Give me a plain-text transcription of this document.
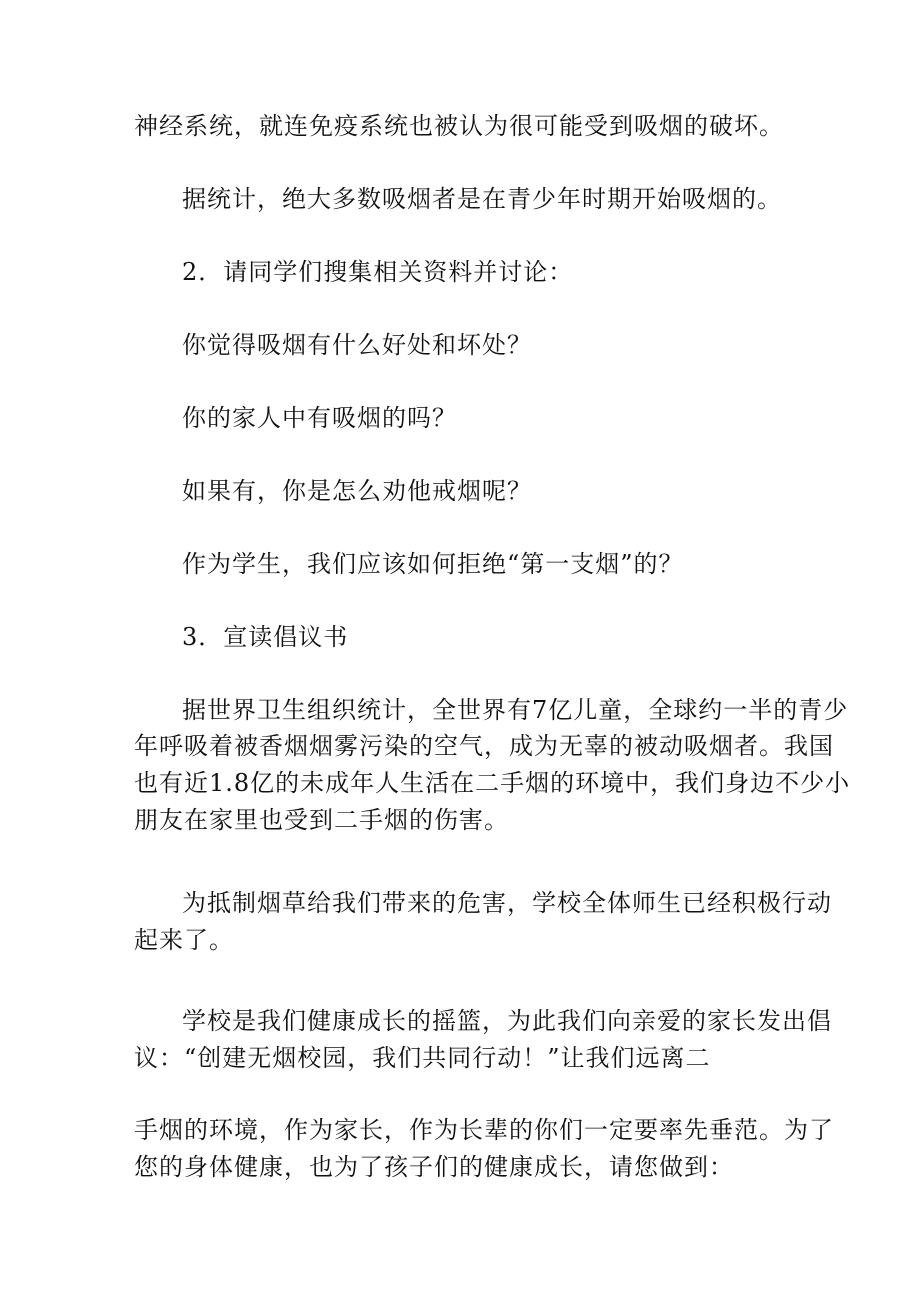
神经系统，就连免疫系统也被认为很可能受到吸烟的破坏。
据统计，绝大多数吸烟者是在青少年时期开始吸烟的。
2．请同学们搜集相关资料并讨论：
你觉得吸烟有什么好处和坏处？
你的家人中有吸烟的吗？
如果有，你是怎么劝他戒烟呢？
作为学生，我们应该如何拒绝“第一支烟”的？
3．宣读倡议书
据世界卫生组织统计，全世界有7亿儿童，全球约一半的青少
年呼吸着被香烟烟雾污染的空气，成为无辜的被动吸烟者。我国
也有近1.8亿的未成年人生活在二手烟的环境中，我们身边不少小
朋友在家里也受到二手烟的伤害。
为抵制烟草给我们带来的危害，学校全体师生已经积极行动
起来了。
学校是我们健康成长的摇篮，为此我们向亲爱的家长发出倡
议：“创建无烟校园，我们共同行动！”让我们远离二
手烟的环境，作为家长，作为长辈的你们一定要率先垂范。为了
您的身体健康，也为了孩子们的健康成长，请您做到：
